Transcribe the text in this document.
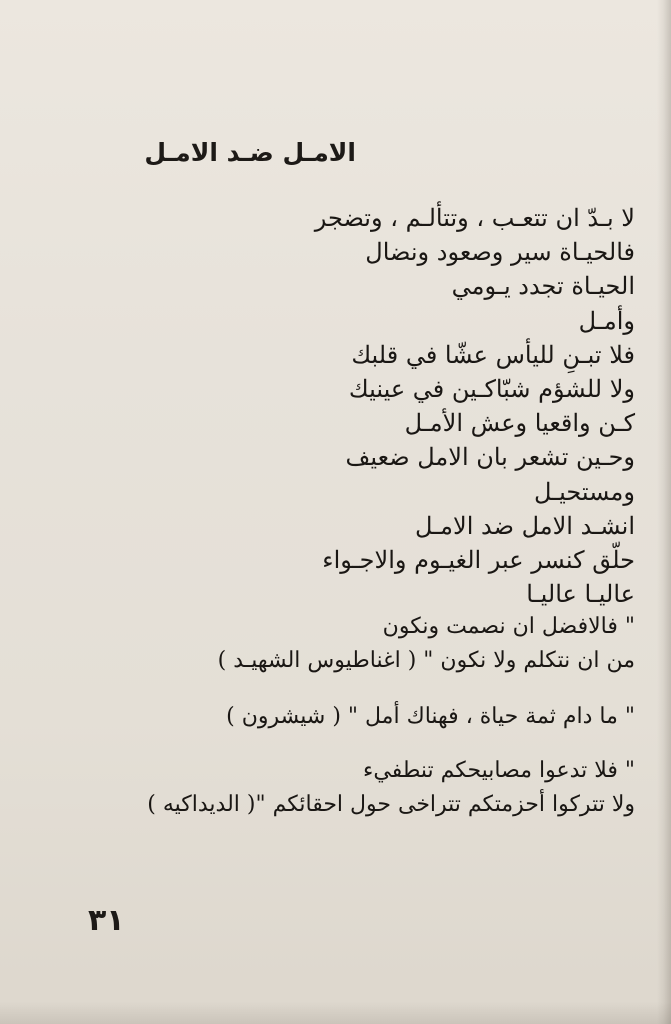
الامـل ضـد الامـل
لا بـدّ ان تتعـب ، وتتألـم ، وتضجر
فالحيـاة سير وصعود ونضال
الحيـاة تجدد يـومي
وأمـل
فلا تبـنِ لليأس عشّا في قلبك
ولا للشؤم شبّاكـين في عينيك
كـن واقعيا وعش الأمـل
وحـين تشعر بان الامل ضعيف
ومستحيـل
انشـد الامل ضد الامـل
حلّق كنسر عبر الغيـوم والاجـواء
عاليـا عاليـا
" فالافضل ان نصمت ونكون
من ان نتكلم ولا نكون " ( اغناطيوس الشهيـد )
" ما دام ثمة حياة ، فهناك أمل " ( شيشرون )
" فلا تدعوا مصابيحكم تنطفيء
ولا تتركوا أحزمتكم تتراخى حول احقائكم "( الديداكيه )
٣١
